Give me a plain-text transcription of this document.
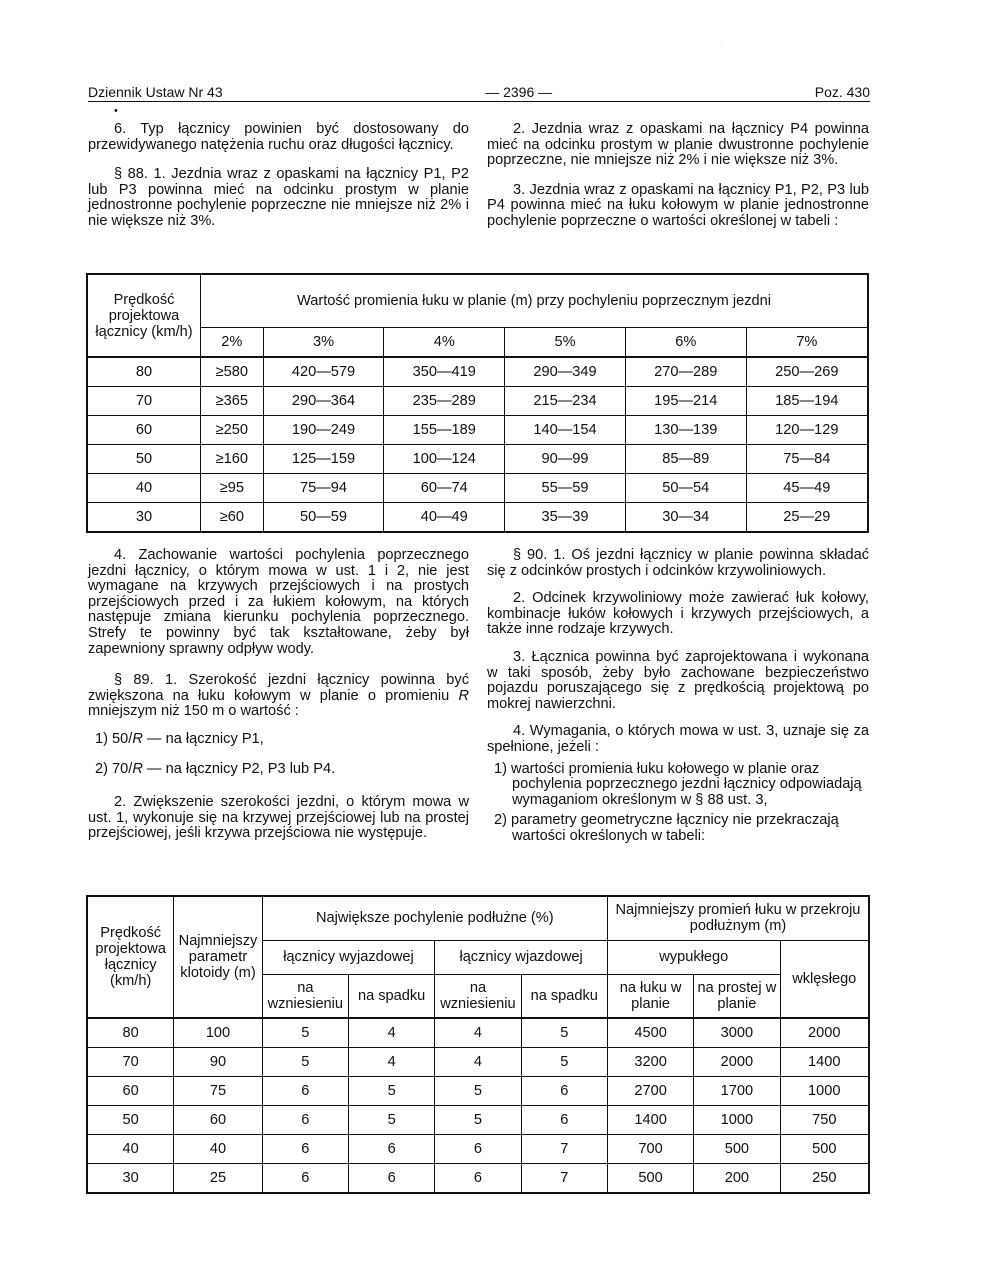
Dziennik Ustaw Nr 43	— 2396 —	Poz. 430
•

6. Typ łącznicy powinien być dostosowany do przewidywanego natężenia ruchu oraz długości łącznicy.

§ 88. 1. Jezdnia wraz z opaskami na łącznicy P1, P2 lub P3 powinna mieć na odcinku prostym w planie jednostronne pochylenie poprzeczne nie mniejsze niż 2% i nie większe niż 3%.

2. Jezdnia wraz z opaskami na łącznicy P4 powinna mieć na odcinku prostym w planie dwustronne pochylenie poprzeczne, nie mniejsze niż 2% i nie większe niż 3%.

3. Jezdnia wraz z opaskami na łącznicy P1, P2, P3 lub P4 powinna mieć na łuku kołowym w planie jednostronne pochylenie poprzeczne o wartości określonej w tabeli :

Prędkość projektowa łącznicy (km/h)	Wartość promienia łuku w planie (m) przy pochyleniu poprzecznym jezdni					
	2%	3%	4%	5%	6%	7%
80	≥580	420—579	350—419	290—349	270—289	250—269
70	≥365	290—364	235—289	215—234	195—214	185—194
60	≥250	190—249	155—189	140—154	130—139	120—129
50	≥160	125—159	100—124	90—99	85—89	75—84
40	≥95	75—94	60—74	55—59	50—54	45—49
30	≥60	50—59	40—49	35—39	30—34	25—29

4. Zachowanie wartości pochylenia poprzecznego jezdni łącznicy, o którym mowa w ust. 1 i 2, nie jest wymagane na krzywych przejściowych i na prostych przejściowych przed i za łukiem kołowym, na których następuje zmiana kierunku pochylenia poprzecznego. Strefy te powinny być tak kształtowane, żeby był zapewniony sprawny odpływ wody.

§ 89. 1. Szerokość jezdni łącznicy powinna być zwiększona na łuku kołowym w planie o promieniu R mniejszym niż 150 m o wartość :

1) 50/R — na łącznicy P1,

2) 70/R — na łącznicy P2, P3 lub P4.

2. Zwiększenie szerokości jezdni, o którym mowa w ust. 1, wykonuje się na krzywej przejściowej lub na prostej przejściowej, jeśli krzywa przejściowa nie występuje.

§ 90. 1. Oś jezdni łącznicy w planie powinna składać się z odcinków prostych i odcinków krzywoliniowych.

2. Odcinek krzywoliniowy może zawierać łuk kołowy, kombinacje łuków kołowych i krzywych przejściowych, a także inne rodzaje krzywych.

3. Łącznica powinna być zaprojektowana i wykonana w taki sposób, żeby było zachowane bezpieczeństwo pojazdu poruszającego się z prędkością projektową po mokrej nawierzchni.

4. Wymagania, o których mowa w ust. 3, uznaje się za spełnione, jeżeli :

1) wartości promienia łuku kołowego w planie oraz pochylenia poprzecznego jezdni łącznicy odpowiadają wymaganiom określonym w § 88 ust. 3,

2) parametry geometryczne łącznicy nie przekraczają wartości określonych w tabeli:

Prędkość projektowa łącznicy (km/h)	Najmniejszy parametr klotoidy (m)	Największe pochylenie podłużne (%)				Najmniejszy promień łuku w przekroju podłużnym (m)		
		łącznicy wyjazdowej		łącznicy wjazdowej		wypukłego		wklęsłego
		na wzniesieniu	na spadku	na wzniesieniu	na spadku	na łuku w planie	na prostej w planie	
80	100	5	4	4	5	4500	3000	2000
70	90	5	4	4	5	3200	2000	1400
60	75	6	5	5	6	2700	1700	1000
50	60	6	5	5	6	1400	1000	750
40	40	6	6	6	7	700	500	500
30	25	6	6	6	7	500	200	250
·
